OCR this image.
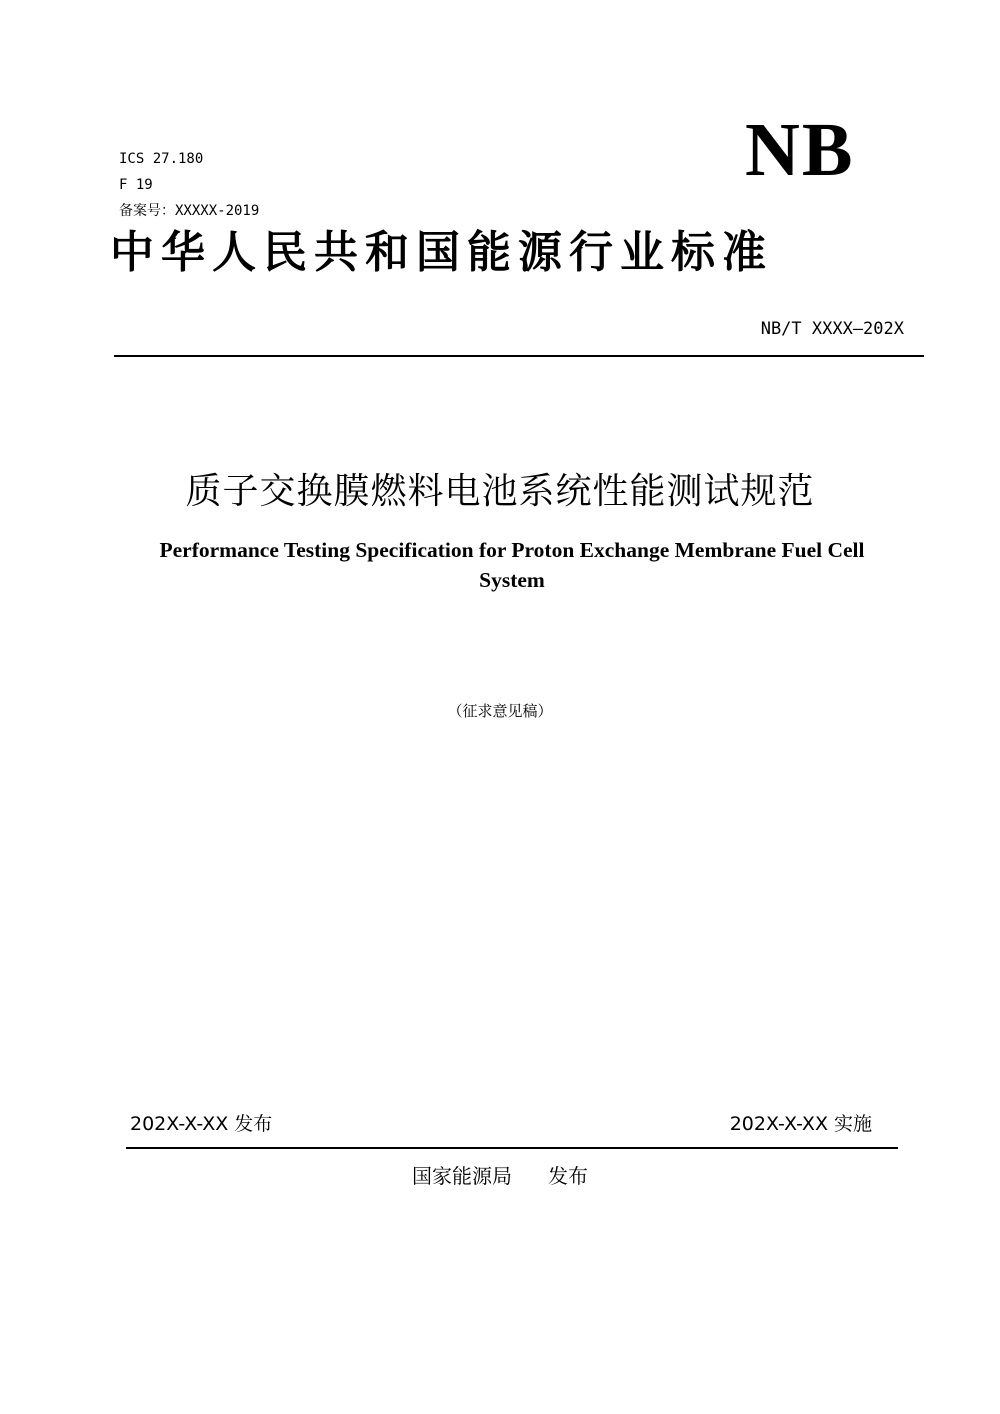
ICS 27.180
F 19
备案号：XXXXX-2019
NB
中华人民共和国能源行业标准
NB/T XXXX—202X
质子交换膜燃料电池系统性能测试规范
Performance Testing Specification for Proton Exchange Membrane Fuel Cell
System
（征求意见稿）
202X-X-XX 发布	202X-X-XX 实施
国家能源局 发布
